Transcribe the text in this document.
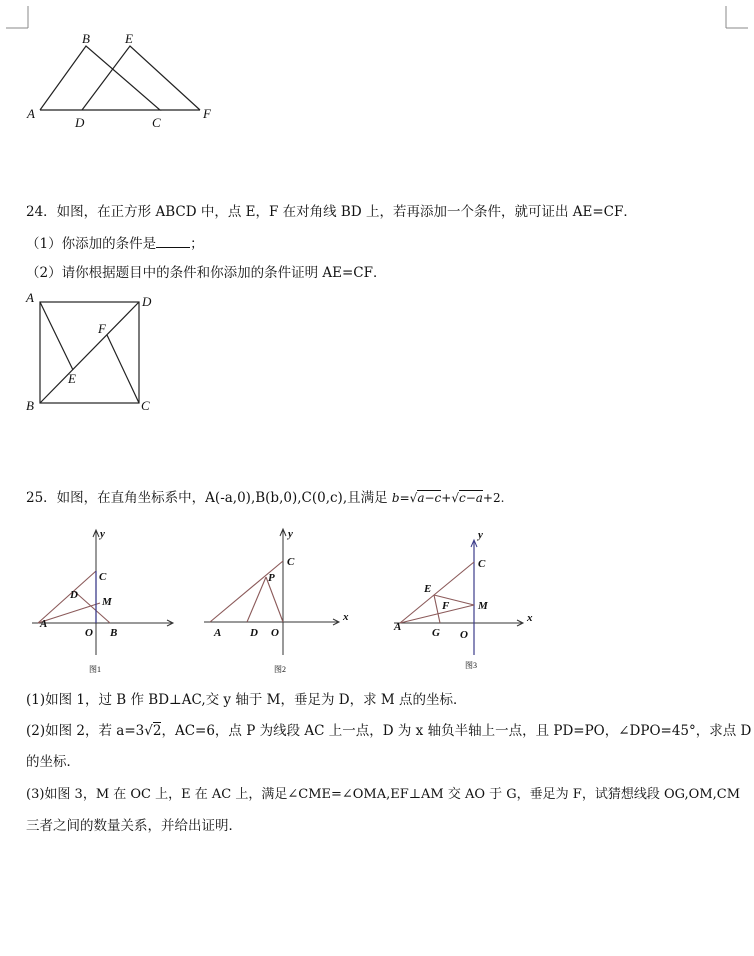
B	E
A
D	C
F
24．如图，在正方形 ABCD 中，点 E，F 在对角线 BD 上，若再添加一个条件，就可证出 AE=CF．
（1）你添加的条件是	；
（2）请你根据题目中的条件和你添加的条件证明 AE=CF．
A	D
B	C
E
F
25．如图，在直角坐标系中，A(-a,0),B(b,0),C(0,c),且满足 b=√a−c+√c−a+2.
y
C
D
M
A
O B
图1
y
C
P
x
A	D O
图2
y
C
E
F	M
x
A	G O
图3
(1)如图 1，过 B 作 BD⊥AC,交 y 轴于 M，垂足为 D，求 M 点的坐标．
(2)如图 2，若 a=3√2，AC=6，点 P 为线段 AC 上一点，D 为 x 轴负半轴上一点，且 PD=PO，∠DPO=45°，求点 D
的坐标．
(3)如图 3，M 在 OC 上，E 在 AC 上，满足∠CME=∠OMA,EF⊥AM 交 AO 于 G，垂足为 F，试猜想线段 OG,OM,CM
三者之间的数量关系，并给出证明．
